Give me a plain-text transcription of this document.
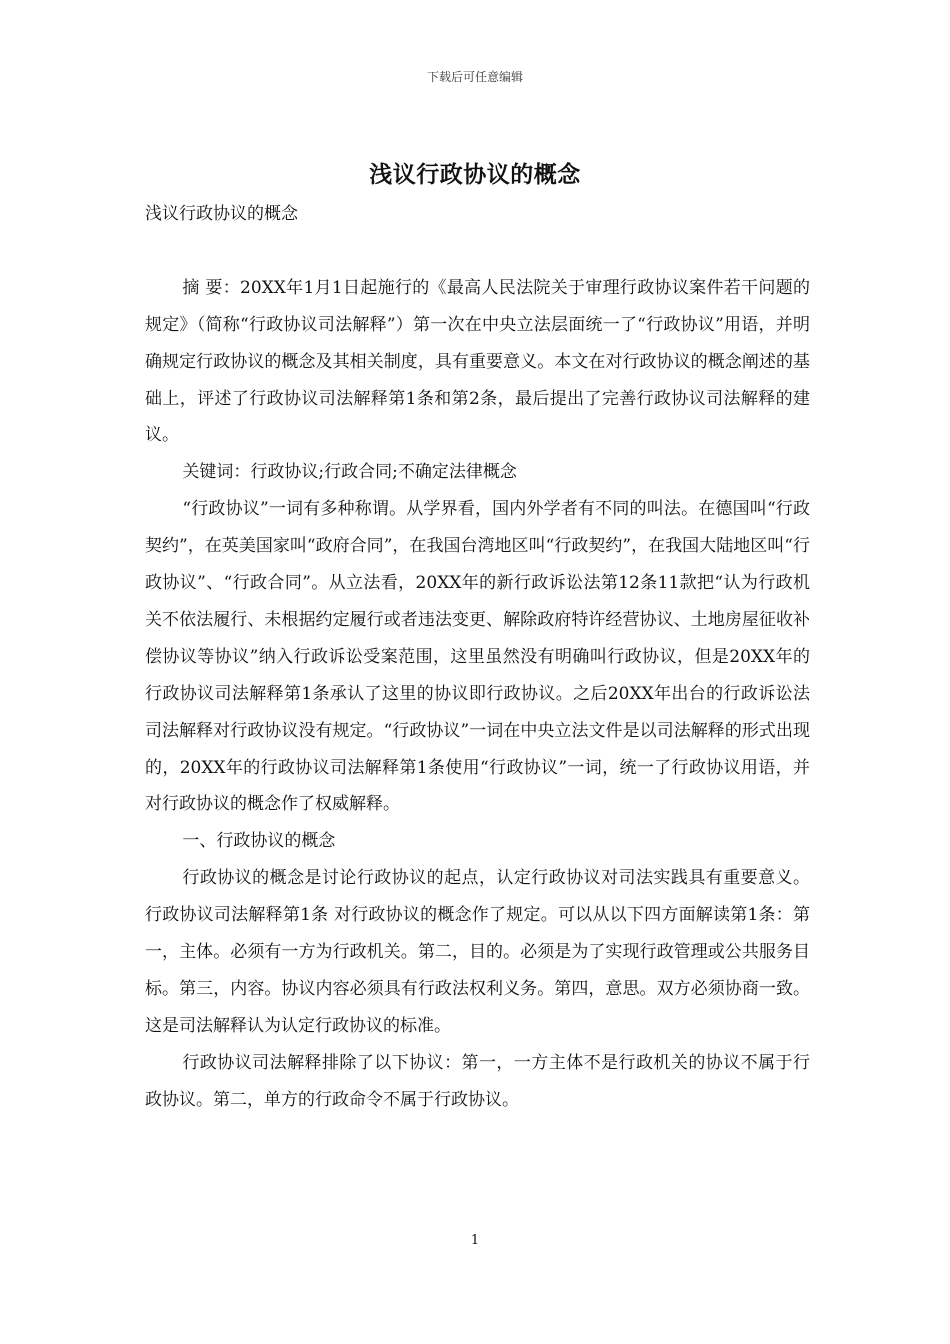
下载后可任意编辑
浅议行政协议的概念

浅议行政协议的概念

摘 要：20XX年1月1日起施行的《最高人民法院关于审理行政协议案件若干问题的规定》（简称“行政协议司法解释”）第一次在中央立法层面统一了“行政协议”用语，并明确规定行政协议的概念及其相关制度，具有重要意义。本文在对行政协议的概念阐述的基础上，评述了行政协议司法解释第1条和第2条，最后提出了完善行政协议司法解释的建议。

关键词：行政协议;行政合同;不确定法律概念

“行政协议”一词有多种称谓。从学界看，国内外学者有不同的叫法。在德国叫“行政契约”，在英美国家叫“政府合同”，在我国台湾地区叫“行政契约”，在我国大陆地区叫“行政协议”、“行政合同”。从立法看，20XX年的新行政诉讼法第12条11款把“认为行政机关不依法履行、未根据约定履行或者违法变更、解除政府特许经营协议、土地房屋征收补偿协议等协议”纳入行政诉讼受案范围，这里虽然没有明确叫行政协议，但是20XX年的行政协议司法解释第1条承认了这里的协议即行政协议。之后20XX年出台的行政诉讼法司法解释对行政协议没有规定。“行政协议”一词在中央立法文件是以司法解释的形式出现的，20XX年的行政协议司法解释第1条使用“行政协议”一词，统一了行政协议用语，并对行政协议的概念作了权威解释。

一、行政协议的概念

行政协议的概念是讨论行政协议的起点，认定行政协议对司法实践具有重要意义。行政协议司法解释第1条 对行政协议的概念作了规定。可以从以下四方面解读第1条：第一，主体。必须有一方为行政机关。第二，目的。必须是为了实现行政管理或公共服务目标。第三，内容。协议内容必须具有行政法权利义务。第四，意思。双方必须协商一致。这是司法解释认为认定行政协议的标准。

行政协议司法解释排除了以下协议：第一，一方主体不是行政机关的协议不属于行政协议。第二，单方的行政命令不属于行政协议。

1
